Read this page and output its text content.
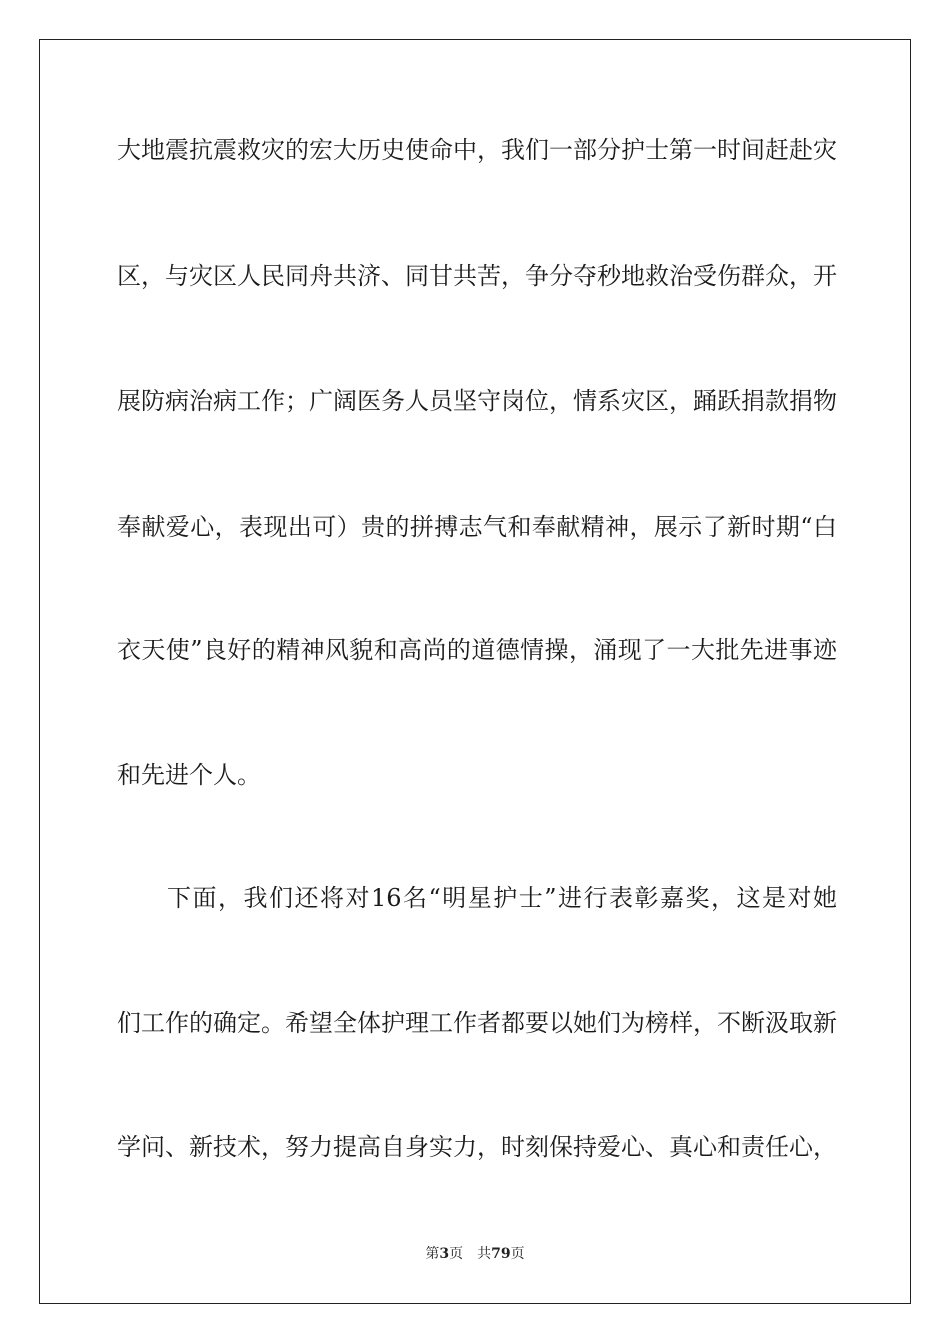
大地震抗震救灾的宏大历史使命中，我们一部分护士第一时间赶赴灾
区，与灾区人民同舟共济、同甘共苦，争分夺秒地救治受伤群众，开
展防病治病工作；广阔医务人员坚守岗位，情系灾区，踊跃捐款捐物
奉献爱心，表现出可）贵的拼搏志气和奉献精神，展示了新时期“白
衣天使”良好的精神风貌和高尚的道德情操，涌现了一大批先进事迹
和先进个人。
下面，我们还将对16名“明星护士”进行表彰嘉奖，这是对她
们工作的确定。希望全体护理工作者都要以她们为榜样，不断汲取新
学问、新技术，努力提高自身实力，时刻保持爱心、真心和责任心，
第3页 共79页
